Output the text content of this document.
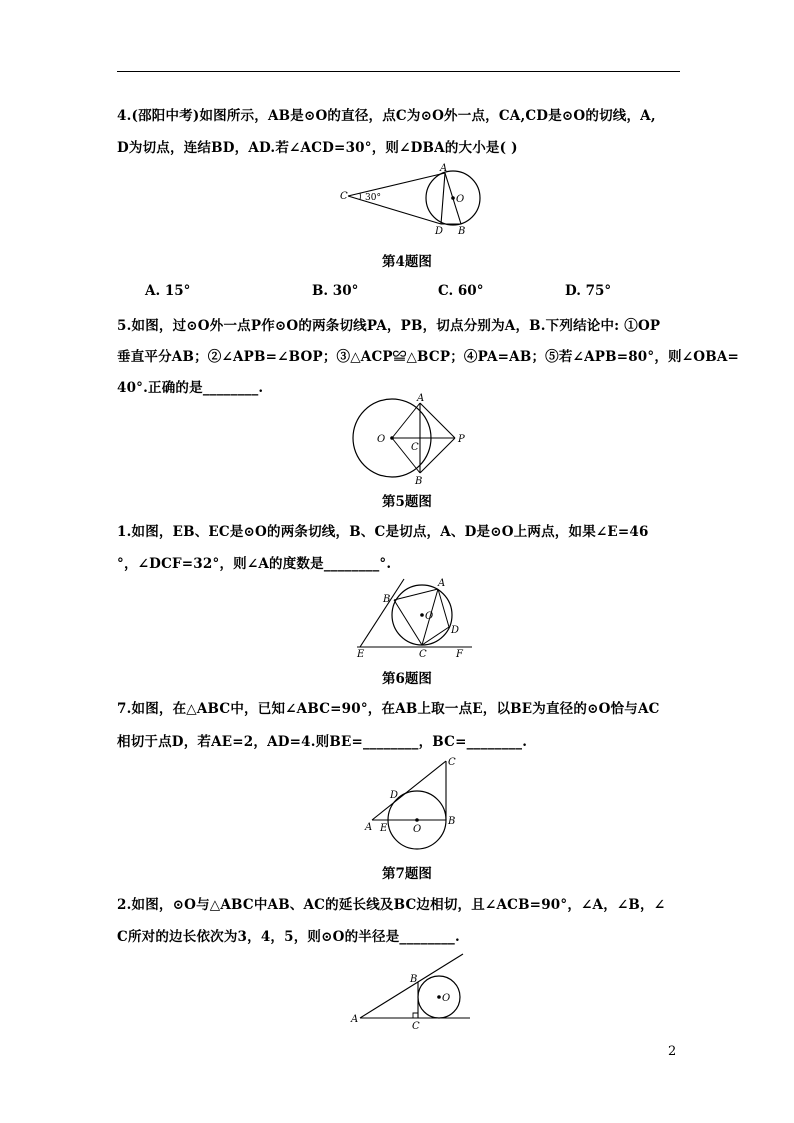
4.(邵阳中考)如图所示，AB是⊙O的直径，点C为⊙O外一点，CA,CD是⊙O的切线，A,
D为切点，连结BD，AD.若∠ACD=30°，则∠DBA的大小是( )
C 30°
A
O
D B
第4题图
A. 15°	B. 30°	C. 60°	D. 75°
5.如图，过⊙O外一点P作⊙O的两条切线PA，PB，切点分别为A，B.下列结论中: ①OP
垂直平分AB；②∠APB=∠BOP；③△ACP≌△BCP；④PA=AB；⑤若∠APB=80°，则∠OBA=
40°.正确的是________.
A
O
C
P
B
第5题图
1.如图，EB、EC是⊙O的两条切线，B、C是切点，A、D是⊙O上两点，如果∠E=46
°，∠DCF=32°，则∠A的度数是________°.
B
A
O
D
E	C	F
第6题图
7.如图，在△ABC中，已知∠ABC=90°，在AB上取一点E，以BE为直径的⊙O恰与AC
相切于点D，若AE=2，AD=4.则BE=________，BC=________.
C
D
A E	O
B
第7题图
2.如图，⊙O与△ABC中AB、AC的延长线及BC边相切，且∠ACB=90°，∠A，∠B，∠
C所对的边长依次为3，4，5，则⊙O的半径是________.
B
O
A
C
2
